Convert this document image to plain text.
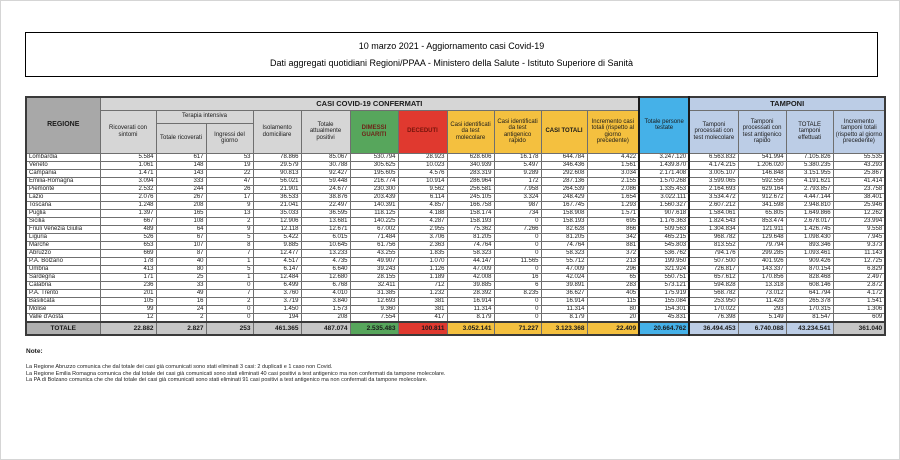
10 marzo 2021 - Aggiornamento casi Covid-19
Dati aggregati quotidiani Regioni/PPAA - Ministero della Salute - Istituto Superiore di Sanità
REGIONE	CASI COVID-19 CONFERMATI											Totale persone testate	TAMPONI			
	Ricoverati con sintomi	Terapia intensiva		Isolamento domiciliare	Totale attualmente positivi	DIMESSI GUARITI	DECEDUTI	Casi identificati da test molecolare	Casi identificati da test antigenico rapido	CASI TOTALI	Incremento casi totali (rispetto al giorno precedente)		Tamponi processati con test molecolare	Tamponi processati con test antigenico rapido	TOTALE tamponi effettuati	Incremento tamponi totali (rispetto al giorno precedente)
		Totale ricoverati	Ingressi del giorno													
Lombardia	5.584	617	53	78.866	85.067	530.794	28.923	628.606	16.178	644.784	4.422	3.247.120	6.563.832	541.994	7.105.826	55.535
Veneto	1.061	148	19	29.579	30.788	305.625	10.023	340.939	5.497	346.436	1.561	1.439.870	4.174.215	1.206.020	5.380.235	43.293
Campania	1.471	143	22	90.813	92.427	195.605	4.576	283.319	9.289	292.608	3.034	2.171.408	3.005.107	146.848	3.151.955	25.867
Emilia-Romagna	3.094	333	47	56.021	59.448	216.774	10.914	286.964	172	287.136	2.155	1.570.268	3.599.065	592.556	4.191.621	41.414
Piemonte	2.532	244	26	21.901	24.677	230.300	9.562	256.581	7.958	264.539	2.086	1.335.453	2.164.693	629.164	2.793.857	23.758
Lazio	2.076	267	17	36.533	38.876	203.439	6.114	245.105	3.324	248.429	1.654	3.022.111	3.534.472	912.672	4.447.144	38.401
Toscana	1.248	208	9	21.041	22.497	140.391	4.857	166.758	987	167.745	1.293	1.560.327	2.607.212	341.598	2.948.810	25.946
Puglia	1.397	165	13	35.033	36.595	118.125	4.188	158.174	734	158.908	1.571	907.618	1.584.061	65.805	1.649.866	12.262
Sicilia	667	108	2	12.906	13.681	140.225	4.287	158.193	0	158.193	695	1.176.363	1.824.543	853.474	2.678.017	23.994
Friuli Venezia Giulia	489	64	9	12.118	12.671	67.002	2.955	75.362	7.266	82.628	866	509.563	1.304.834	121.911	1.426.745	9.558
Liguria	526	67	5	5.422	6.015	71.484	3.706	81.205	0	81.205	342	465.215	968.782	129.648	1.098.430	7.945
Marche	653	107	8	9.885	10.645	61.756	2.363	74.764	0	74.764	881	545.803	813.552	79.794	893.346	9.373
Abruzzo	669	87	7	12.477	13.233	43.255	1.835	58.323	0	58.323	372	536.762	794.176	299.285	1.093.461	11.143
P.A. Bolzano	178	40	1	4.517	4.735	49.907	1.070	44.147	11.565	55.712	213	199.950	507.500	401.926	909.426	12.725
Umbria	413	80	5	6.147	6.640	39.243	1.126	47.009	0	47.009	296	321.924	726.817	143.337	870.154	6.829
Sardegna	171	25	1	12.484	12.680	28.155	1.189	42.008	16	42.024	65	550.751	657.612	170.856	828.468	2.497
Calabria	236	33	0	6.499	6.768	32.411	712	39.885	6	39.891	283	573.121	594.828	13.318	608.146	2.872
P.A. Trento	201	49	7	3.760	4.010	31.385	1.232	28.392	8.235	36.627	405	175.919	568.782	73.012	641.794	4.172
Basilicata	105	16	2	3.719	3.840	12.693	381	16.914	0	16.914	115	155.084	253.950	11.428	265.378	1.541
Molise	99	24	0	1.450	1.573	9.360	381	11.314	0	11.314	80	154.301	170.022	293	170.315	1.306
Valle d'Aosta	12	2	0	194	208	7.554	417	8.179	0	8.179	20	45.831	76.398	5.149	81.547	609
TOTALE	22.882	2.827	253	461.365	487.074	2.535.483	100.811	3.052.141	71.227	3.123.368	22.409	20.664.762	36.494.453	6.740.088	43.234.541	361.040
Note:
La Regione Abruzzo comunica che dal totale dei casi già comunicati sono stati eliminati 3 casi: 2 duplicati e 1 caso non Covid.
La Regione Emilia Romagna comunica che dal totale dei casi già comunicati sono stati eliminati 40 casi positivi a test antigenico ma non confermati da tampone molecolare.
La PA di Bolzano comunica che che dal totale dei casi già comunicati sono stati eliminati 91 casi positivi a test antigenico ma non confermati da tampone molecolare.
